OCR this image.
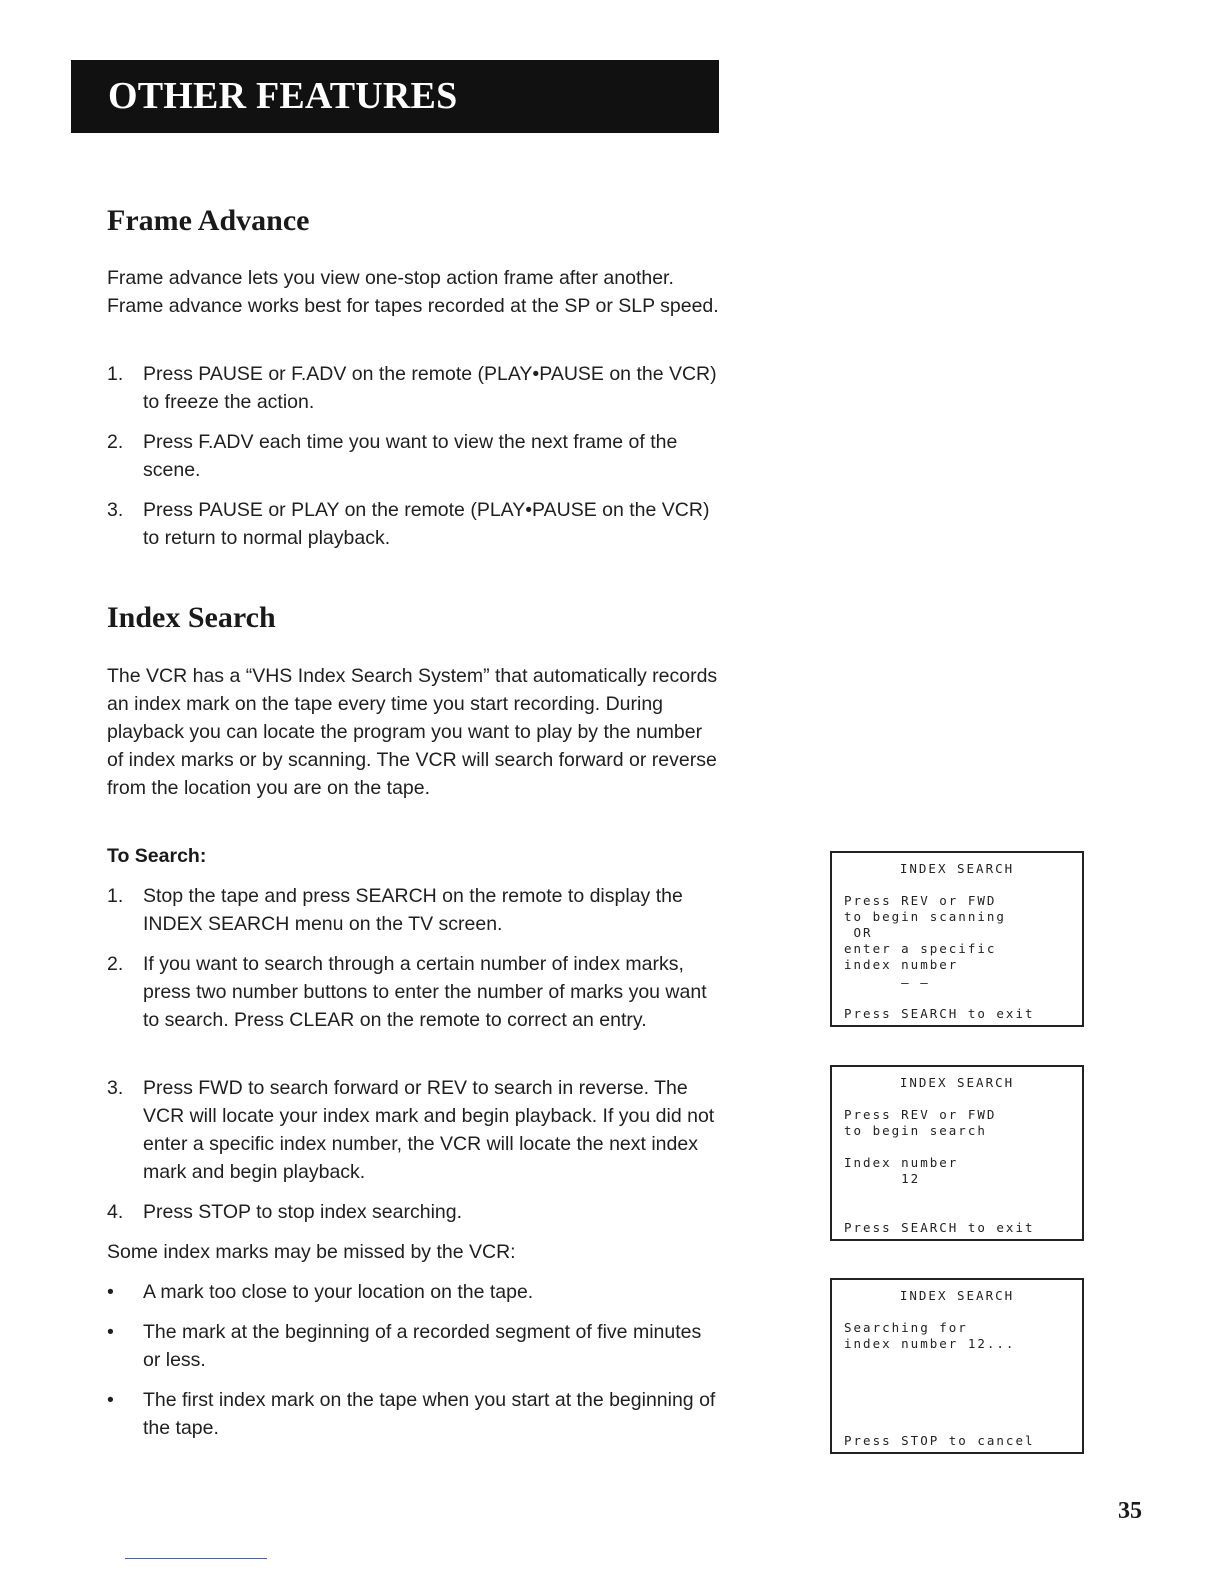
OTHER FEATURES
Frame Advance

Frame advance lets you view one-stop action frame after another. Frame advance works best for tapes recorded at the SP or SLP speed.

1.	Press PAUSE or F.ADV on the remote (PLAY•PAUSE on the VCR) to freeze the action.
2.	Press F.ADV each time you want to view the next frame of the scene.
3.	Press PAUSE or PLAY on the remote (PLAY•PAUSE on the VCR) to return to normal playback.
Index Search

The VCR has a “VHS Index Search System” that automatically records an index mark on the tape every time you start recording. During playback you can locate the program you want to play by the number of index marks or by scanning. The VCR will search forward or reverse from the location you are on the tape.

To Search:

1.	Stop the tape and press SEARCH on the remote to display the INDEX SEARCH menu on the TV screen.
2.	If you want to search through a certain number of index marks, press two number buttons to enter the number of marks you want to search. Press CLEAR on the remote to correct an entry.
3.	Press FWD to search forward or REV to search in reverse. The VCR will locate your index mark and begin playback. If you did not enter a specific index number, the VCR will locate the next index mark and begin playback.
4.	Press STOP to stop index searching.

Some index marks may be missed by the VCR:

•	A mark too close to your location on the tape.
•	The mark at the beginning of a recorded segment of five minutes or less.
•	The first index mark on the tape when you start at the beginning of the tape.
INDEX SEARCH
Press REV or FWD
to begin scanning
OR
enter a specific
index number
– –
Press SEARCH to exit
INDEX SEARCH
Press REV or FWD
to begin search
Index number
12
Press SEARCH to exit
INDEX SEARCH
Searching for
index number 12...
Press STOP to cancel
35
